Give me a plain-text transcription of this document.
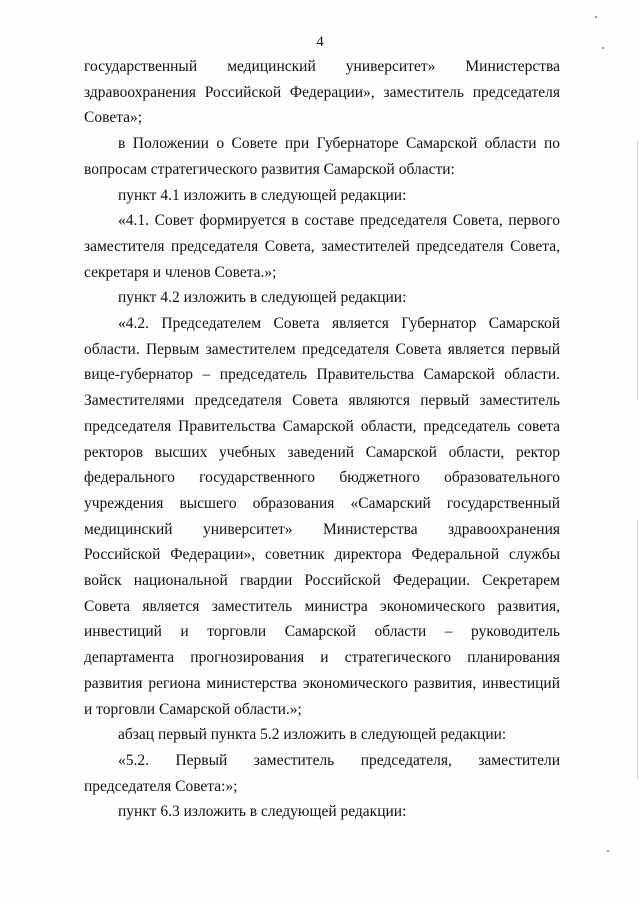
4

государственный медицинский университет» Министерства здравоохранения Российской Федерации», заместитель председателя Совета»;

в Положении о Совете при Губернаторе Самарской области по вопросам стратегического развития Самарской области:

пункт 4.1 изложить в следующей редакции:

«4.1. Совет формируется в составе председателя Совета, первого заместителя председателя Совета, заместителей председателя Совета, секретаря и членов Совета.»;

пункт 4.2 изложить в следующей редакции:

«4.2. Председателем Совета является Губернатор Самарской области. Первым заместителем председателя Совета является первый вице-губернатор – председатель Правительства Самарской области. Заместителями председателя Совета являются первый заместитель председателя Правительства Самарской области, председатель совета ректоров высших учебных заведений Самарской области, ректор федерального государственного бюджетного образовательного учреждения высшего образования «Самарский государственный медицинский университет» Министерства здравоохранения Российской Федерации», советник директора Федеральной службы войск национальной гвардии Российской Федерации. Секретарем Совета является заместитель министра экономического развития, инвестиций и торговли Самарской области – руководитель департамента прогнозирования и стратегического планирования развития региона министерства экономического развития, инвестиций и торговли Самарской области.»;

абзац первый пункта 5.2 изложить в следующей редакции:

«5.2. Первый заместитель председателя, заместители председателя Совета:»;

пункт 6.3 изложить в следующей редакции:
